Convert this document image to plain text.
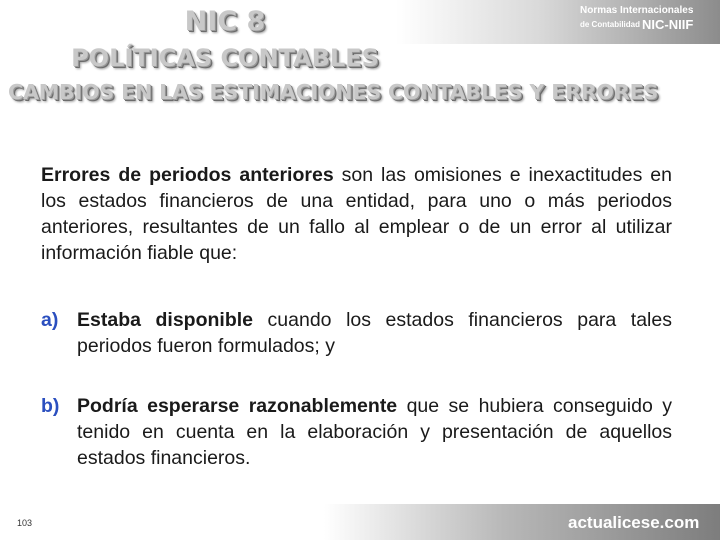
Normas Internacionales
de Contabilidad NIC-NIIF
NIC 8
POLÍTICAS CONTABLES
CAMBIOS EN LAS ESTIMACIONES CONTABLES Y ERRORES
Errores de periodos anteriores son las omisiones e inexactitudes en los estados financieros de una entidad, para uno o más periodos anteriores, resultantes de un fallo al emplear o de un error al utilizar información fiable que:
a) Estaba disponible cuando los estados financieros para tales periodos fueron formulados; y
b) Podría esperarse razonablemente que se hubiera conseguido y tenido en cuenta en la elaboración y presentación de aquellos estados financieros.
103	actualicese.com
